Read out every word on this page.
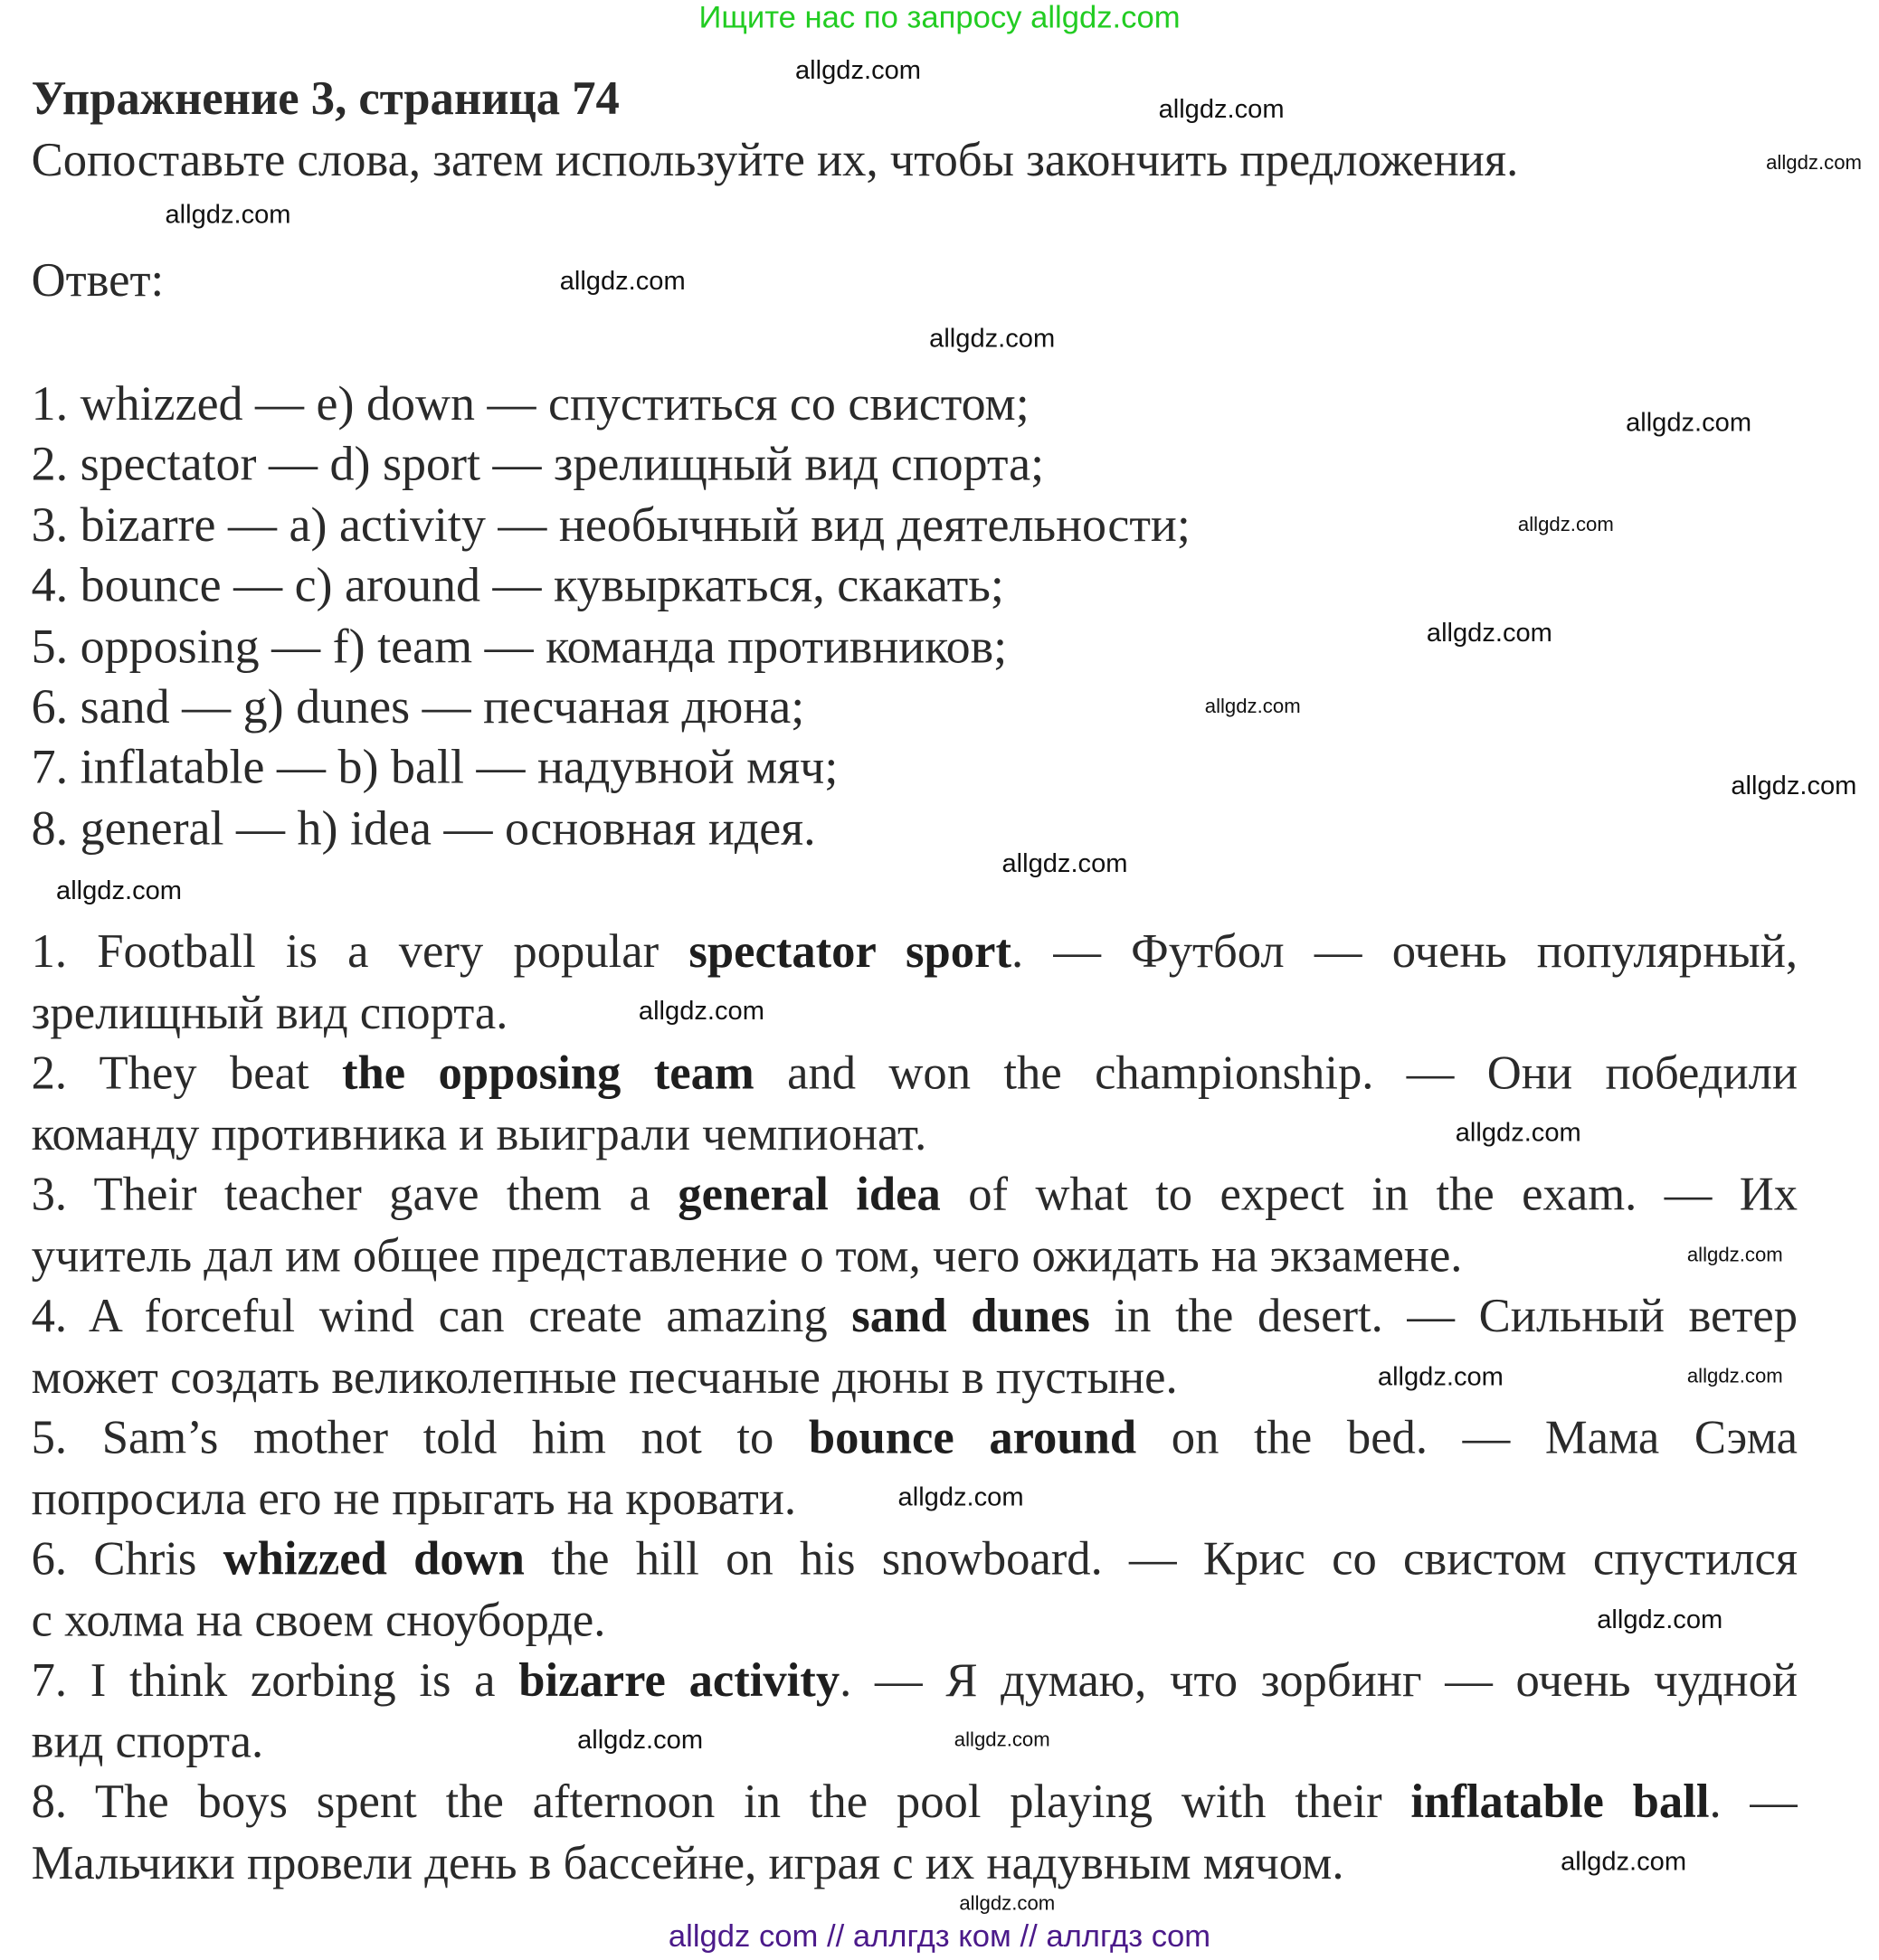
Ищите нас по запросу allgdz.com
Упражнение 3, страница 74
Сопоставьте слова, затем используйте их, чтобы закончить предложения.
Ответ:
1. whizzed — e) down — спуститься со свистом;
2. spectator — d) sport — зрелищный вид спорта;
3. bizarre — a) activity — необычный вид деятельности;
4. bounce — c) around — кувыркаться, скакать;
5. opposing — f) team — команда противников;
6. sand — g) dunes — песчаная дюна;
7. inflatable — b) ball — надувной мяч;
8. general — h) idea — основная идея.
1. Football is a very popular spectator sport. — Футбол — очень популярный,
зрелищный вид спорта.
2. They beat the opposing team and won the championship. — Они победили
команду противника и выиграли чемпионат.
3. Their teacher gave them a general idea of what to expect in the exam. — Их
учитель дал им общее представление о том, чего ожидать на экзамене.
4. A forceful wind can create amazing sand dunes in the desert. — Сильный ветер
может создать великолепные песчаные дюны в пустыне.
5. Sam’s mother told him not to bounce around on the bed. — Мама Сэма
попросила его не прыгать на кровати.
6. Chris whizzed down the hill on his snowboard. — Крис со свистом спустился
с холма на своем сноуборде.
7. I think zorbing is a bizarre activity. — Я думаю, что зорбинг — очень чудной
вид спорта.
8. The boys spent the afternoon in the pool playing with their inflatable ball. —
Мальчики провели день в бассейне, играя с их надувным мячом.
allgdz.com
allgdz.com
allgdz.com
allgdz.com
allgdz.com
allgdz.com
allgdz.com
allgdz.com
allgdz.com
allgdz.com
allgdz.com
allgdz.com
allgdz.com
allgdz.com
allgdz.com
allgdz.com
allgdz.com
allgdz.com
allgdz.com
allgdz.com
allgdz.com
allgdz.com
allgdz.com
allgdz.com
allgdz com // аллгдз ком // аллгдз com
